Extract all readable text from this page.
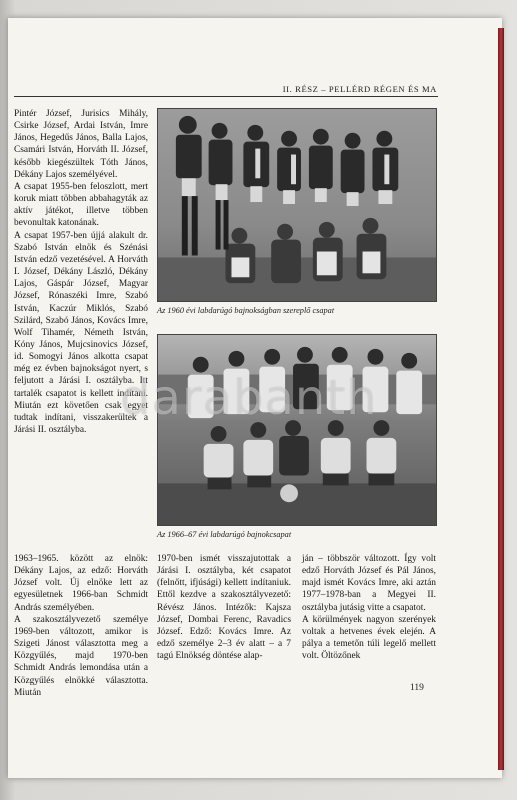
II. RÉSZ – PELLÉRD RÉGEN ÉS MA

Pintér József, Jurisics Mihály, Csirke József, Ardai István, Imre János, Hegedűs János, Balla Lajos, Csamári István, Horváth II. József, később kiegészültek Tóth János, Dékány Lajos személyével.

A csapat 1955-ben feloszlott, mert koruk miatt többen abbahagyták az aktív játékot, illetve többen bevonultak katonának.

A csapat 1957-ben újjá alakult dr. Szabó István elnök és Szénási István edző vezetésével. A Horváth I. József, Dékány László, Dékány Lajos, Gáspár József, Magyar József, Rónaszéki Imre, Szabó István, Kaczúr Miklós, Szabó Szilárd, Szabó János, Kovács Imre, Wolf Tihamér, Németh István, Kóny János, Mujcsinovics József, id. Somogyi János alkotta csapat még ez évben bajnokságot nyert, s feljutott a Járási I. osztályba. Itt tartalék csapatot is kellett indítani. Miután ezt követően csak egyet tudtak indítani, visszakerültek a Járási II. osztályba.

1963–1965. között az elnök: Dékány Lajos, az edző: Horváth József volt. Új elnöke lett az egyesületnek 1966-ban Schmidt András személyében.

A szakosztályvezető személye 1969-ben változott, amikor is Szigeti Jánost választotta meg a Közgyűlés, majd 1970-ben Schmidt András lemondása után a Közgyűlés elnökké választotta. Miután

1970-ben ismét visszajutottak a Járási I. osztályba, két csapatot (felnőtt, ifjúsági) kellett indítaniuk. Ettől kezdve a szakosztályvezető: Révész János. Intézők: Kajsza József, Dombai Ferenc, Ravadics József. Edző: Kovács Imre. Az edző személye 2–3 év alatt – a 7 tagú Elnökség döntése alap-

ján – többször változott. Így volt edző Horváth József és Pál János, majd ismét Kovács Imre, aki aztán 1977–1978-ban a Megyei II. osztályba jutásig vitte a csapatot.

A körülmények nagyon szerények voltak a hetvenes évek elején. A pálya a temetőn túli legelő mellett volt. Öltözőnek

Az 1960 évi labdarúgó bajnokságban szereplő csapat
Az 1966–67 évi labdarúgó bajnokcsapat
119
darabanth
